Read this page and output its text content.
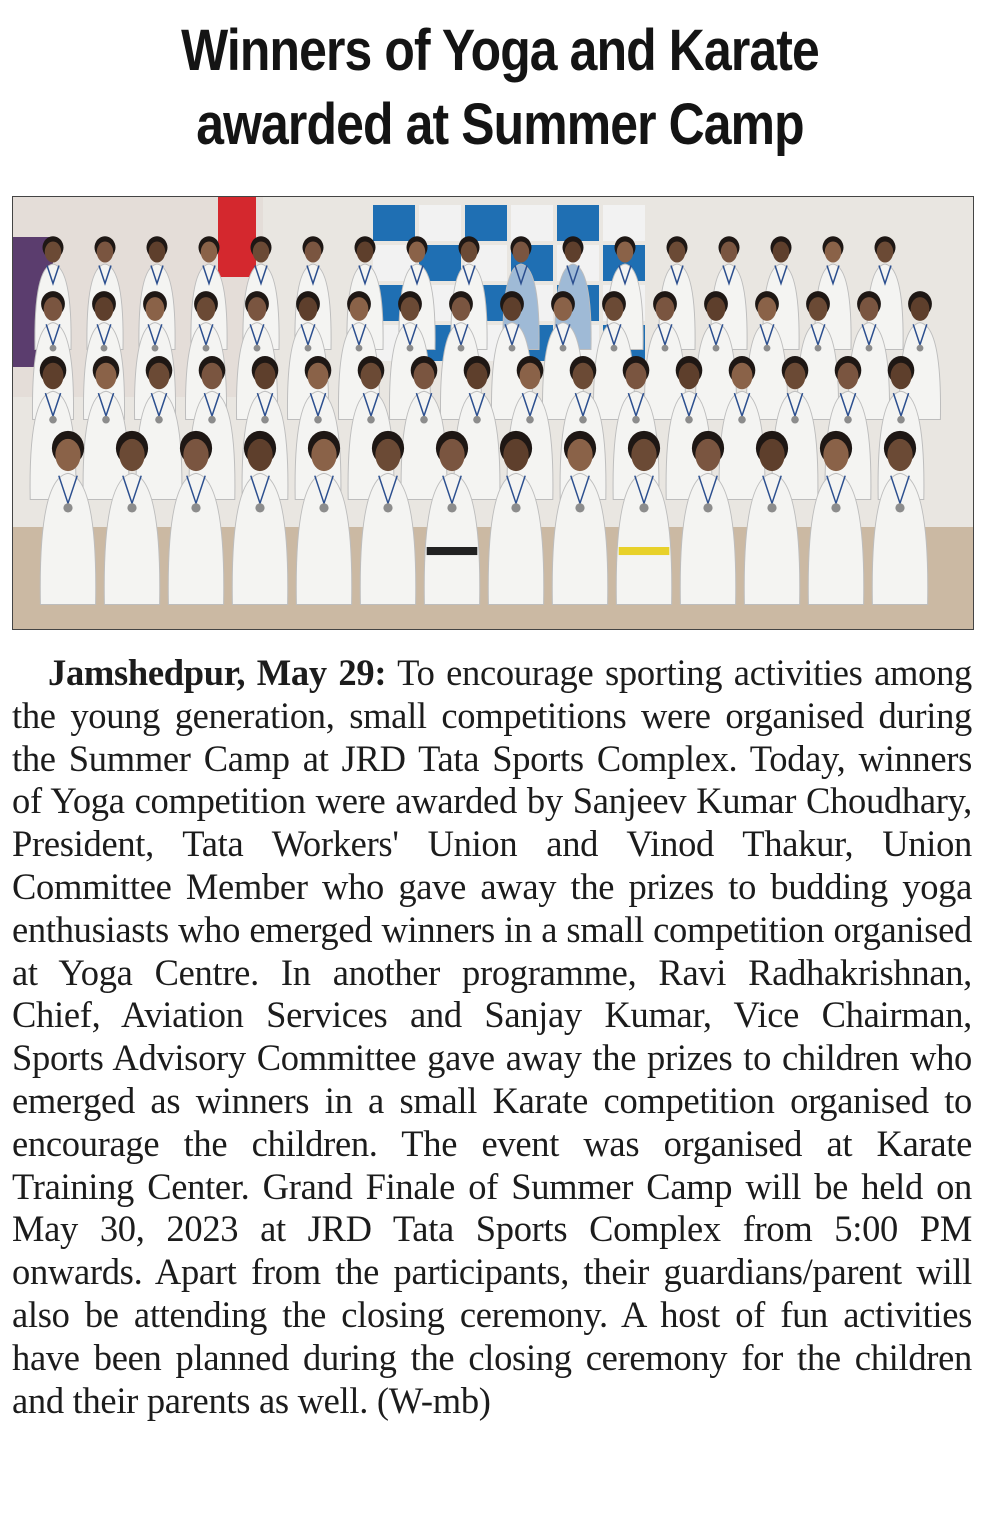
Winners of Yoga and Karate
awarded at Summer Camp

Jamshedpur, May 29: To encourage sporting activities among the young generation, small competitions were organised during the Summer Camp at JRD Tata Sports Complex. Today, winners of Yoga competition were awarded by Sanjeev Kumar Choudhary, President, Tata Workers' Union and Vinod Thakur, Union Committee Member who gave away the prizes to budding yoga enthusiasts who emerged winners in a small competition organised at Yoga Centre. In another programme, Ravi Radhakrishnan, Chief, Aviation Services and Sanjay Kumar, Vice Chairman, Sports Advisory Committee gave away the prizes to children who emerged as winners in a small Karate competition organised to encourage the children. The event was organised at Karate Training Center. Grand Finale of Summer Camp will be held on May 30, 2023 at JRD Tata Sports Complex from 5:00 PM onwards. Apart from the participants, their guardians/parent will also be attending the closing ceremony. A host of fun activities have been planned during the closing ceremony for the children and their parents as well. (W-mb)
